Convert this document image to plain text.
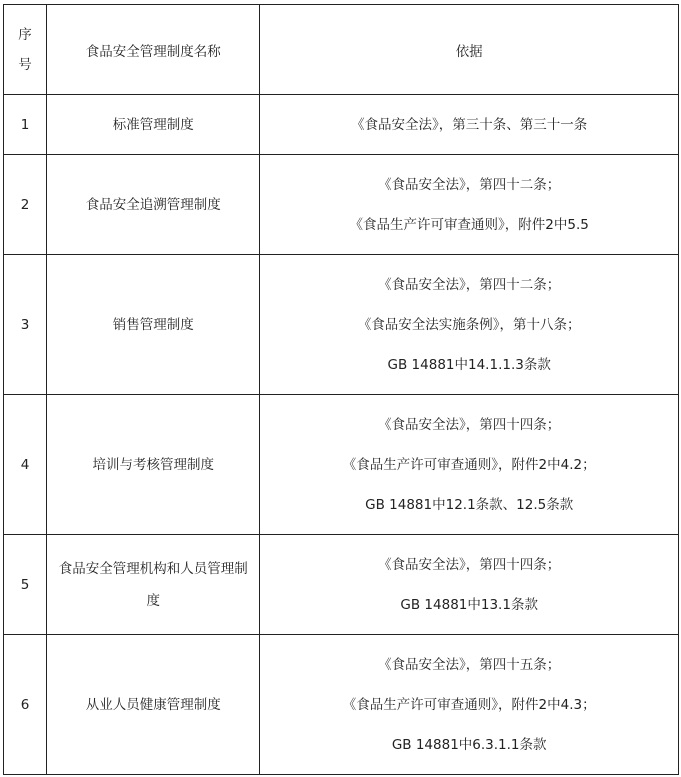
序
号	食品安全管理制度名称	依据
1	标准管理制度	《食品安全法》，第三十条、第三十一条

2	食品安全追溯管理制度	《食品安全法》，第四十二条；
《食品生产许可审查通则》，附件2中5.5

3	销售管理制度	《食品安全法》，第四十二条；
《食品安全法实施条例》，第十八条；
GB 14881中14.1.1.3条款

4	培训与考核管理制度	《食品安全法》，第四十四条；
《食品生产许可审查通则》，附件2中4.2；
GB 14881中12.1条款、12.5条款

5	食品安全管理机构和人员管理制度	《食品安全法》，第四十四条；
GB 14881中13.1条款

6	从业人员健康管理制度	《食品安全法》，第四十五条；
《食品生产许可审查通则》，附件2中4.3；
GB 14881中6.3.1.1条款
